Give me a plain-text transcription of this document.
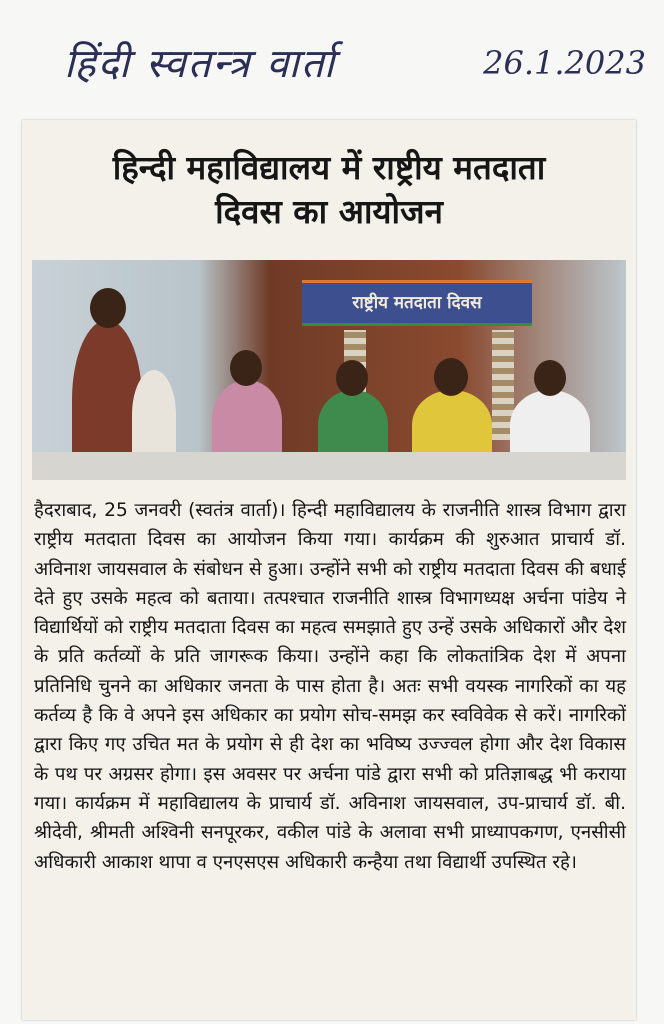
हिंदी स्वतन्त्र वार्ता	26.1.2023
हिन्दी महाविद्यालय में राष्ट्रीय मतदाता
दिवस का आयोजन
राष्ट्रीय मतदाता दिवस

हैदराबाद, 25 जनवरी (स्वतंत्र वार्ता)। हिन्दी महाविद्यालय के राजनीति शास्त्र विभाग द्वारा राष्ट्रीय मतदाता दिवस का आयोजन किया गया। कार्यक्रम की शुरुआत प्राचार्य डॉ. अविनाश जायसवाल के संबोधन से हुआ। उन्होंने सभी को राष्ट्रीय मतदाता दिवस की बधाई देते हुए उसके महत्व को बताया। तत्पश्चात राजनीति शास्त्र विभागध्यक्ष अर्चना पांडेय ने विद्यार्थियों को राष्ट्रीय मतदाता दिवस का महत्व समझाते हुए उन्हें उसके अधिकारों और देश के प्रति कर्तव्यों के प्रति जागरूक किया। उन्होंने कहा कि लोकतांत्रिक देश में अपना प्रतिनिधि चुनने का अधिकार जनता के पास होता है। अतः सभी वयस्क नागरिकों का यह कर्तव्य है कि वे अपने इस अधिकार का प्रयोग सोच-समझ कर स्वविवेक से करें। नागरिकों द्वारा किए गए उचित मत के प्रयोग से ही देश का भविष्य उज्ज्वल होगा और देश विकास के पथ पर अग्रसर होगा। इस अवसर पर अर्चना पांडे द्वारा सभी को प्रतिज्ञाबद्ध भी कराया गया। कार्यक्रम में महाविद्यालय के प्राचार्य डॉ. अविनाश जायसवाल, उप-प्राचार्य डॉ. बी. श्रीदेवी, श्रीमती अश्विनी सनपूरकर, वकील पांडे के अलावा सभी प्राध्यापकगण, एनसीसी अधिकारी आकाश थापा व एनएसएस अधिकारी कन्हैया तथा विद्यार्थी उपस्थित रहे।
